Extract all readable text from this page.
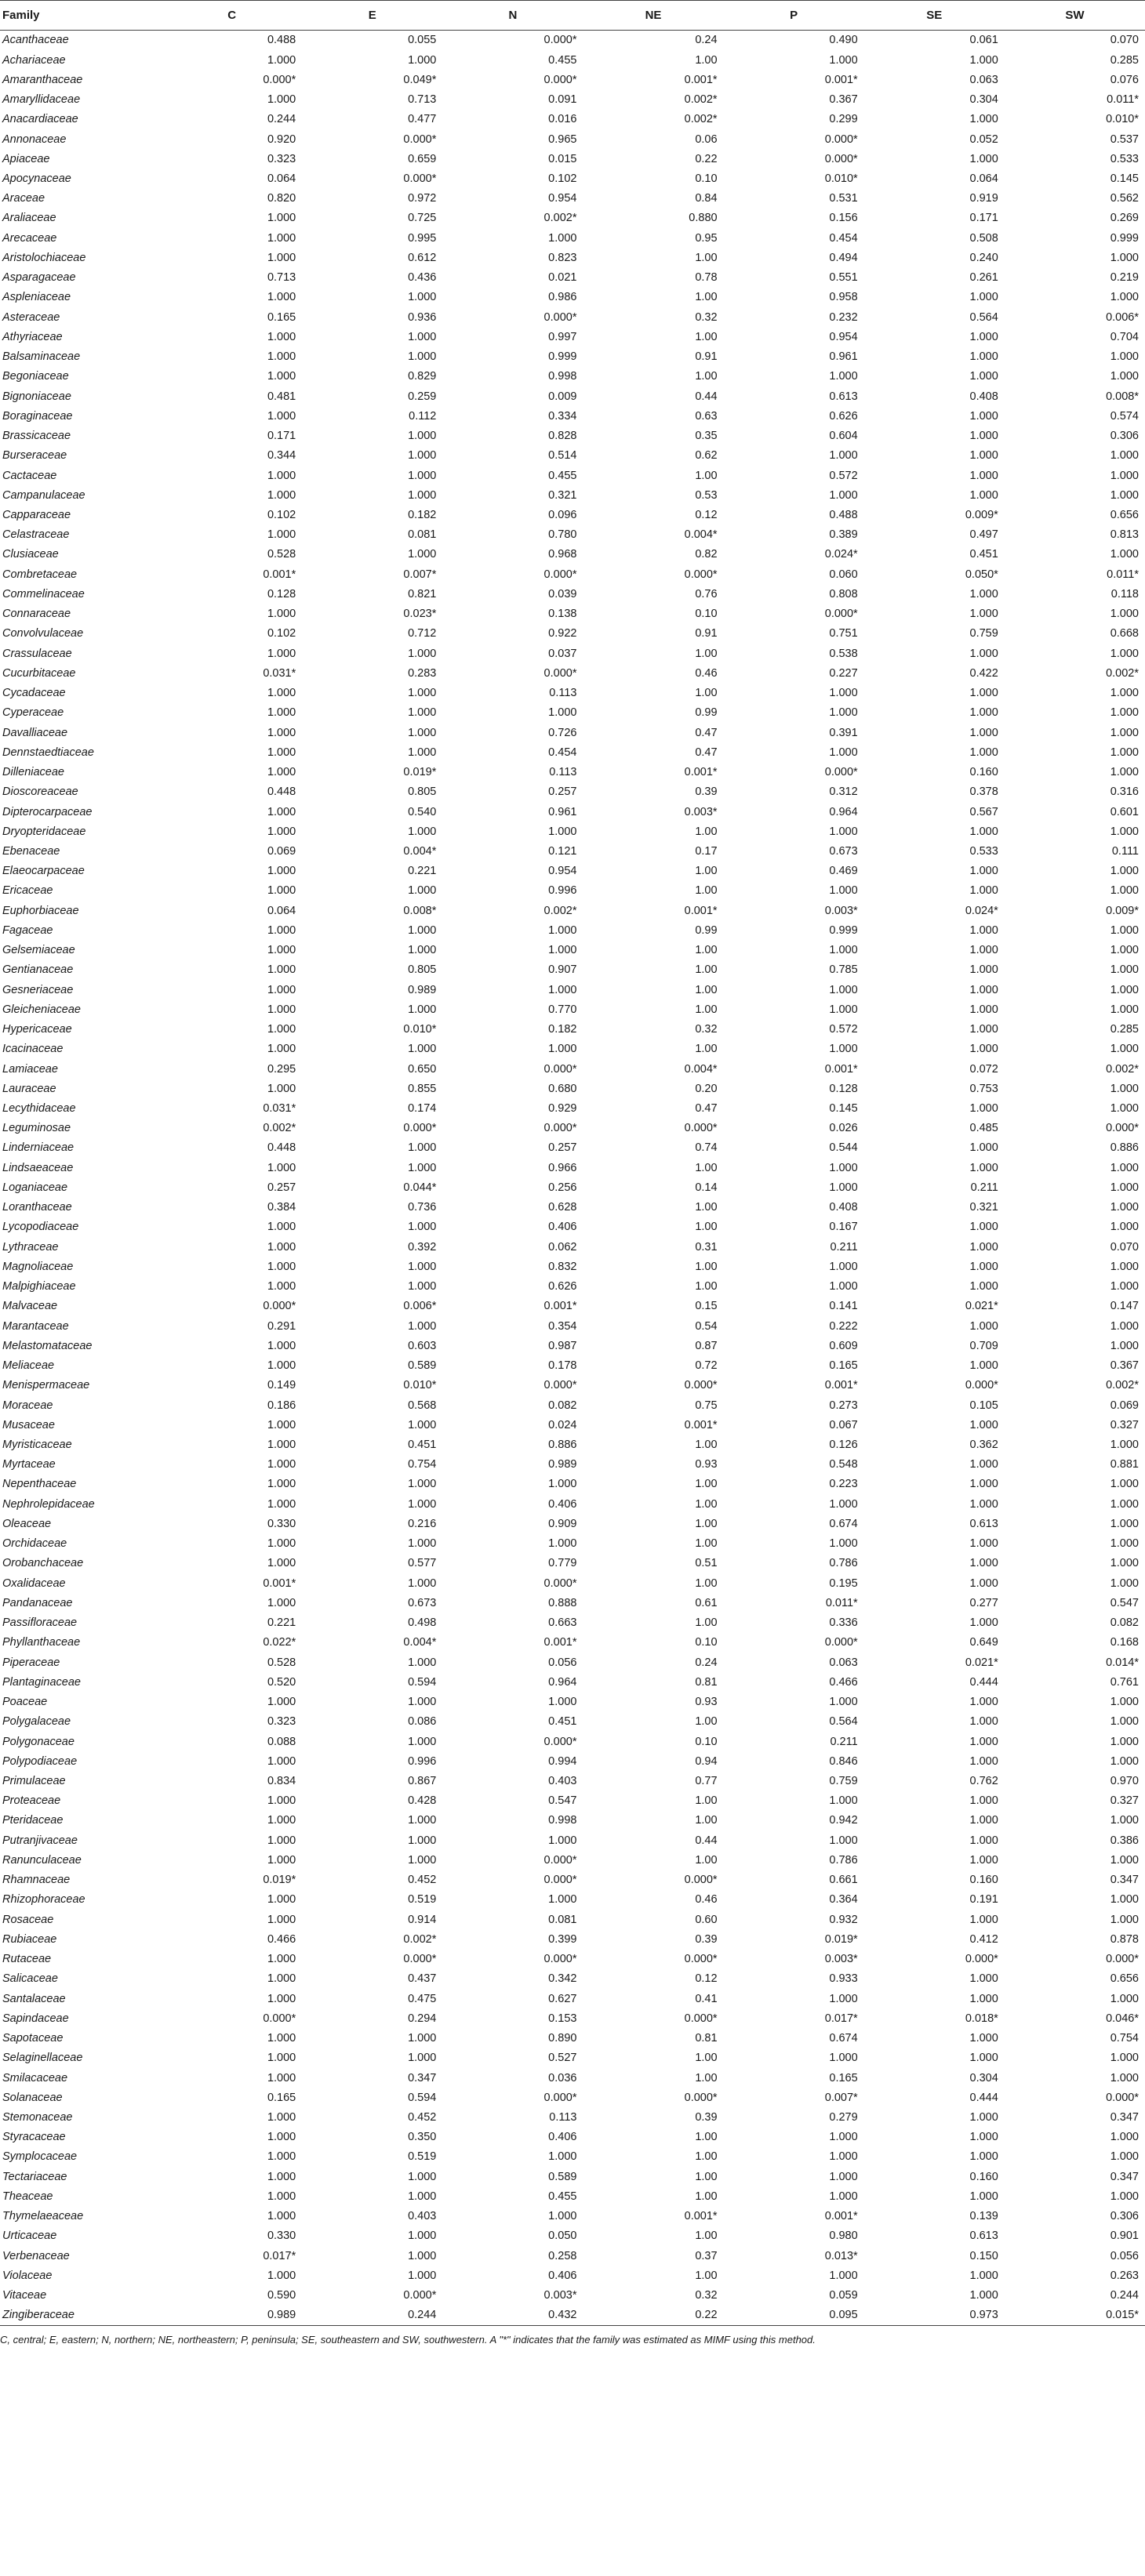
Family	C	E	N	NE	P	SE	SW
Acanthaceae	0.488	0.055	0.000*	0.24	0.490	0.061	0.070
Achariaceae	1.000	1.000	0.455	1.00	1.000	1.000	0.285
Amaranthaceae	0.000*	0.049*	0.000*	0.001*	0.001*	0.063	0.076
Amaryllidaceae	1.000	0.713	0.091	0.002*	0.367	0.304	0.011*
Anacardiaceae	0.244	0.477	0.016	0.002*	0.299	1.000	0.010*
Annonaceae	0.920	0.000*	0.965	0.06	0.000*	0.052	0.537
Apiaceae	0.323	0.659	0.015	0.22	0.000*	1.000	0.533
Apocynaceae	0.064	0.000*	0.102	0.10	0.010*	0.064	0.145
Araceae	0.820	0.972	0.954	0.84	0.531	0.919	0.562
Araliaceae	1.000	0.725	0.002*	0.880	0.156	0.171	0.269
Arecaceae	1.000	0.995	1.000	0.95	0.454	0.508	0.999
Aristolochiaceae	1.000	0.612	0.823	1.00	0.494	0.240	1.000
Asparagaceae	0.713	0.436	0.021	0.78	0.551	0.261	0.219
Aspleniaceae	1.000	1.000	0.986	1.00	0.958	1.000	1.000
Asteraceae	0.165	0.936	0.000*	0.32	0.232	0.564	0.006*
Athyriaceae	1.000	1.000	0.997	1.00	0.954	1.000	0.704
Balsaminaceae	1.000	1.000	0.999	0.91	0.961	1.000	1.000
Begoniaceae	1.000	0.829	0.998	1.00	1.000	1.000	1.000
Bignoniaceae	0.481	0.259	0.009	0.44	0.613	0.408	0.008*
Boraginaceae	1.000	0.112	0.334	0.63	0.626	1.000	0.574
Brassicaceae	0.171	1.000	0.828	0.35	0.604	1.000	0.306
Burseraceae	0.344	1.000	0.514	0.62	1.000	1.000	1.000
Cactaceae	1.000	1.000	0.455	1.00	0.572	1.000	1.000
Campanulaceae	1.000	1.000	0.321	0.53	1.000	1.000	1.000
Capparaceae	0.102	0.182	0.096	0.12	0.488	0.009*	0.656
Celastraceae	1.000	0.081	0.780	0.004*	0.389	0.497	0.813
Clusiaceae	0.528	1.000	0.968	0.82	0.024*	0.451	1.000
Combretaceae	0.001*	0.007*	0.000*	0.000*	0.060	0.050*	0.011*
Commelinaceae	0.128	0.821	0.039	0.76	0.808	1.000	0.118
Connaraceae	1.000	0.023*	0.138	0.10	0.000*	1.000	1.000
Convolvulaceae	0.102	0.712	0.922	0.91	0.751	0.759	0.668
Crassulaceae	1.000	1.000	0.037	1.00	0.538	1.000	1.000
Cucurbitaceae	0.031*	0.283	0.000*	0.46	0.227	0.422	0.002*
Cycadaceae	1.000	1.000	0.113	1.00	1.000	1.000	1.000
Cyperaceae	1.000	1.000	1.000	0.99	1.000	1.000	1.000
Davalliaceae	1.000	1.000	0.726	0.47	0.391	1.000	1.000
Dennstaedtiaceae	1.000	1.000	0.454	0.47	1.000	1.000	1.000
Dilleniaceae	1.000	0.019*	0.113	0.001*	0.000*	0.160	1.000
Dioscoreaceae	0.448	0.805	0.257	0.39	0.312	0.378	0.316
Dipterocarpaceae	1.000	0.540	0.961	0.003*	0.964	0.567	0.601
Dryopteridaceae	1.000	1.000	1.000	1.00	1.000	1.000	1.000
Ebenaceae	0.069	0.004*	0.121	0.17	0.673	0.533	0.111
Elaeocarpaceae	1.000	0.221	0.954	1.00	0.469	1.000	1.000
Ericaceae	1.000	1.000	0.996	1.00	1.000	1.000	1.000
Euphorbiaceae	0.064	0.008*	0.002*	0.001*	0.003*	0.024*	0.009*
Fagaceae	1.000	1.000	1.000	0.99	0.999	1.000	1.000
Gelsemiaceae	1.000	1.000	1.000	1.00	1.000	1.000	1.000
Gentianaceae	1.000	0.805	0.907	1.00	0.785	1.000	1.000
Gesneriaceae	1.000	0.989	1.000	1.00	1.000	1.000	1.000
Gleicheniaceae	1.000	1.000	0.770	1.00	1.000	1.000	1.000
Hypericaceae	1.000	0.010*	0.182	0.32	0.572	1.000	0.285
Icacinaceae	1.000	1.000	1.000	1.00	1.000	1.000	1.000
Lamiaceae	0.295	0.650	0.000*	0.004*	0.001*	0.072	0.002*
Lauraceae	1.000	0.855	0.680	0.20	0.128	0.753	1.000
Lecythidaceae	0.031*	0.174	0.929	0.47	0.145	1.000	1.000
Leguminosae	0.002*	0.000*	0.000*	0.000*	0.026	0.485	0.000*
Linderniaceae	0.448	1.000	0.257	0.74	0.544	1.000	0.886
Lindsaeaceae	1.000	1.000	0.966	1.00	1.000	1.000	1.000
Loganiaceae	0.257	0.044*	0.256	0.14	1.000	0.211	1.000
Loranthaceae	0.384	0.736	0.628	1.00	0.408	0.321	1.000
Lycopodiaceae	1.000	1.000	0.406	1.00	0.167	1.000	1.000
Lythraceae	1.000	0.392	0.062	0.31	0.211	1.000	0.070
Magnoliaceae	1.000	1.000	0.832	1.00	1.000	1.000	1.000
Malpighiaceae	1.000	1.000	0.626	1.00	1.000	1.000	1.000
Malvaceae	0.000*	0.006*	0.001*	0.15	0.141	0.021*	0.147
Marantaceae	0.291	1.000	0.354	0.54	0.222	1.000	1.000
Melastomataceae	1.000	0.603	0.987	0.87	0.609	0.709	1.000
Meliaceae	1.000	0.589	0.178	0.72	0.165	1.000	0.367
Menispermaceae	0.149	0.010*	0.000*	0.000*	0.001*	0.000*	0.002*
Moraceae	0.186	0.568	0.082	0.75	0.273	0.105	0.069
Musaceae	1.000	1.000	0.024	0.001*	0.067	1.000	0.327
Myristicaceae	1.000	0.451	0.886	1.00	0.126	0.362	1.000
Myrtaceae	1.000	0.754	0.989	0.93	0.548	1.000	0.881
Nepenthaceae	1.000	1.000	1.000	1.00	0.223	1.000	1.000
Nephrolepidaceae	1.000	1.000	0.406	1.00	1.000	1.000	1.000
Oleaceae	0.330	0.216	0.909	1.00	0.674	0.613	1.000
Orchidaceae	1.000	1.000	1.000	1.00	1.000	1.000	1.000
Orobanchaceae	1.000	0.577	0.779	0.51	0.786	1.000	1.000
Oxalidaceae	0.001*	1.000	0.000*	1.00	0.195	1.000	1.000
Pandanaceae	1.000	0.673	0.888	0.61	0.011*	0.277	0.547
Passifloraceae	0.221	0.498	0.663	1.00	0.336	1.000	0.082
Phyllanthaceae	0.022*	0.004*	0.001*	0.10	0.000*	0.649	0.168
Piperaceae	0.528	1.000	0.056	0.24	0.063	0.021*	0.014*
Plantaginaceae	0.520	0.594	0.964	0.81	0.466	0.444	0.761
Poaceae	1.000	1.000	1.000	0.93	1.000	1.000	1.000
Polygalaceae	0.323	0.086	0.451	1.00	0.564	1.000	1.000
Polygonaceae	0.088	1.000	0.000*	0.10	0.211	1.000	1.000
Polypodiaceae	1.000	0.996	0.994	0.94	0.846	1.000	1.000
Primulaceae	0.834	0.867	0.403	0.77	0.759	0.762	0.970
Proteaceae	1.000	0.428	0.547	1.00	1.000	1.000	0.327
Pteridaceae	1.000	1.000	0.998	1.00	0.942	1.000	1.000
Putranjivaceae	1.000	1.000	1.000	0.44	1.000	1.000	0.386
Ranunculaceae	1.000	1.000	0.000*	1.00	0.786	1.000	1.000
Rhamnaceae	0.019*	0.452	0.000*	0.000*	0.661	0.160	0.347
Rhizophoraceae	1.000	0.519	1.000	0.46	0.364	0.191	1.000
Rosaceae	1.000	0.914	0.081	0.60	0.932	1.000	1.000
Rubiaceae	0.466	0.002*	0.399	0.39	0.019*	0.412	0.878
Rutaceae	1.000	0.000*	0.000*	0.000*	0.003*	0.000*	0.000*
Salicaceae	1.000	0.437	0.342	0.12	0.933	1.000	0.656
Santalaceae	1.000	0.475	0.627	0.41	1.000	1.000	1.000
Sapindaceae	0.000*	0.294	0.153	0.000*	0.017*	0.018*	0.046*
Sapotaceae	1.000	1.000	0.890	0.81	0.674	1.000	0.754
Selaginellaceae	1.000	1.000	0.527	1.00	1.000	1.000	1.000
Smilacaceae	1.000	0.347	0.036	1.00	0.165	0.304	1.000
Solanaceae	0.165	0.594	0.000*	0.000*	0.007*	0.444	0.000*
Stemonaceae	1.000	0.452	0.113	0.39	0.279	1.000	0.347
Styracaceae	1.000	0.350	0.406	1.00	1.000	1.000	1.000
Symplocaceae	1.000	0.519	1.000	1.00	1.000	1.000	1.000
Tectariaceae	1.000	1.000	0.589	1.00	1.000	0.160	0.347
Theaceae	1.000	1.000	0.455	1.00	1.000	1.000	1.000
Thymelaeaceae	1.000	0.403	1.000	0.001*	0.001*	0.139	0.306
Urticaceae	0.330	1.000	0.050	1.00	0.980	0.613	0.901
Verbenaceae	0.017*	1.000	0.258	0.37	0.013*	0.150	0.056
Violaceae	1.000	1.000	0.406	1.00	1.000	1.000	0.263
Vitaceae	0.590	0.000*	0.003*	0.32	0.059	1.000	0.244
Zingiberaceae	0.989	0.244	0.432	0.22	0.095	0.973	0.015*
C, central; E, eastern; N, northern; NE, northeastern; P, peninsula; SE, southeastern and SW, southwestern. A "*" indicates that the family was estimated as MIMF using this method.
